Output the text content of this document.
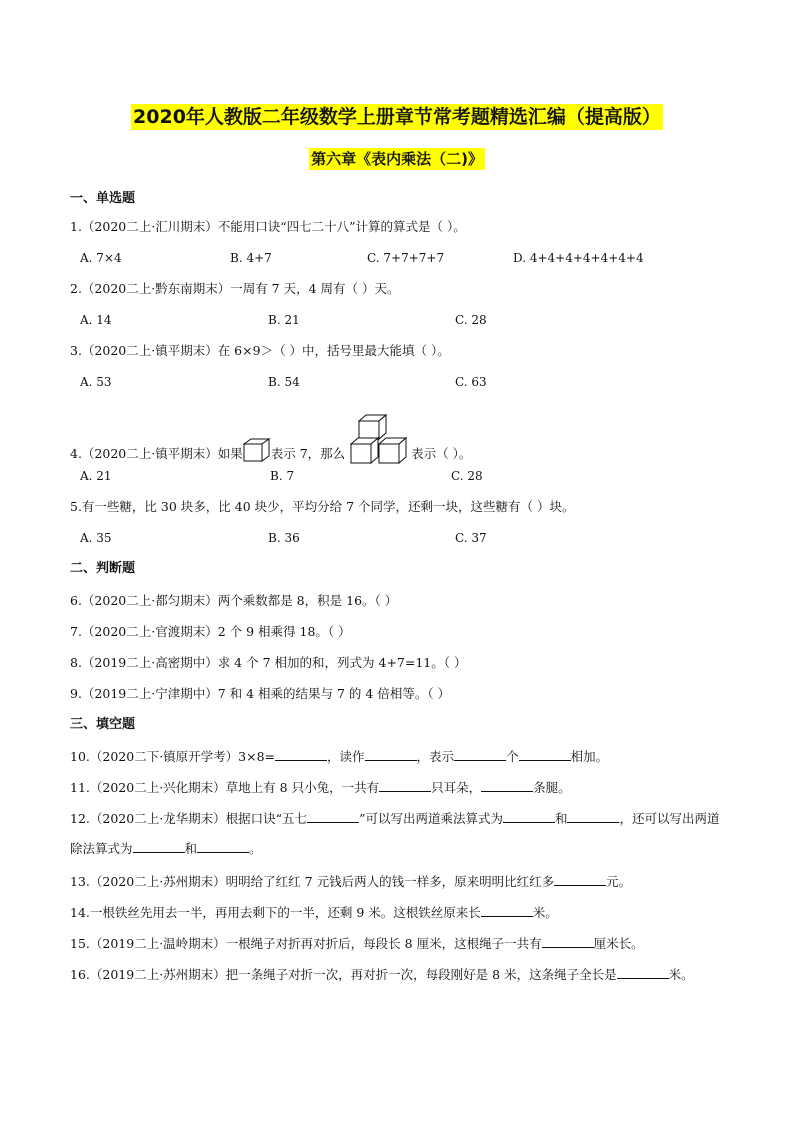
2020年人教版二年级数学上册章节常考题精选汇编（提高版）
第六章《表内乘法（二)》
一、单选题
1.（2020二上·汇川期末）不能用口诀“四七二十八”计算的算式是（ ）。
A. 7×4	B. 4+7	C. 7+7+7+7	D. 4+4+4+4+4+4+4
2.（2020二上·黔东南期末）一周有 7 天，4 周有（ ）天。
A. 14	B. 21	C. 28
3.（2020二上·镇平期末）在 6×9＞（ ）中，括号里最大能填（ ）。
A. 53	B. 54	C. 63
4.（2020二上·镇平期末）如果 表示 7，那么	表示（ ）。
A. 21	B. 7	C. 28
5.有一些糖，比 30 块多，比 40 块少，平均分给 7 个同学，还剩一块，这些糖有（ ）块。
A. 35	B. 36	C. 37
二、判断题
6.（2020二上·都匀期末）两个乘数都是 8，积是 16。（ ）
7.（2020二上·官渡期末）2 个 9 相乘得 18。（ ）
8.（2019二上·高密期中）求 4 个 7 相加的和，列式为 4+7=11。（ ）
9.（2019二上·宁津期中）7 和 4 相乘的结果与 7 的 4 倍相等。（ ）
三、填空题
10.（2020二下·镇原开学考）3×8=	，读作	，表示	个	相加。
11.（2020二上·兴化期末）草地上有 8 只小兔，一共有	只耳朵，	条腿。
12.（2020二上·龙华期末）根据口诀“五七	”可以写出两道乘法算式为	和	，还可以写出两道除法算式为	和	。
13.（2020二上·苏州期末）明明给了红红 7 元钱后两人的钱一样多，原来明明比红红多	元。
14.一根铁丝先用去一半，再用去剩下的一半，还剩 9 米。这根铁丝原来长	米。
15.（2019二上·温岭期末）一根绳子对折再对折后，每段长 8 厘米，这根绳子一共有	厘米长。
16.（2019二上·苏州期末）把一条绳子对折一次，再对折一次，每段刚好是 8 米，这条绳子全长是	米。
